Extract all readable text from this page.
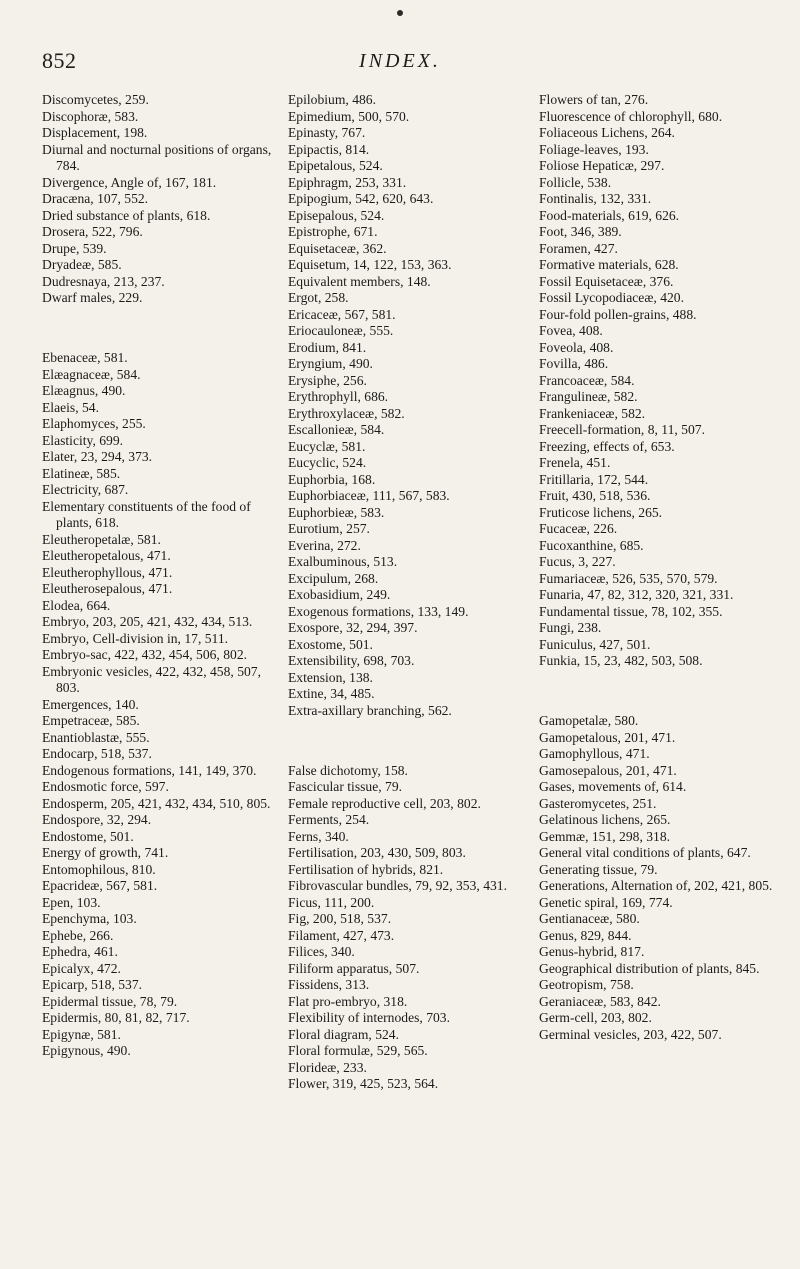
852	INDEX.

Discomycetes, 259.

Discophoræ, 583.

Displacement, 198.

Diurnal and nocturnal positions of organs, 784.

Divergence, Angle of, 167, 181.

Dracæna, 107, 552.

Dried substance of plants, 618.

Drosera, 522, 796.

Drupe, 539.

Dryadeæ, 585.

Dudresnaya, 213, 237.

Dwarf males, 229.

Ebenaceæ, 581.

Elæagnaceæ, 584.

Elæagnus, 490.

Elaeis, 54.

Elaphomyces, 255.

Elasticity, 699.

Elater, 23, 294, 373.

Elatineæ, 585.

Electricity, 687.

Elementary constituents of the food of plants, 618.

Eleutheropetalæ, 581.

Eleutheropetalous, 471.

Eleutherophyllous, 471.

Eleutherosepalous, 471.

Elodea, 664.

Embryo, 203, 205, 421, 432, 434, 513.

Embryo, Cell-division in, 17, 511.

Embryo-sac, 422, 432, 454, 506, 802.

Embryonic vesicles, 422, 432, 458, 507, 803.

Emergences, 140.

Empetraceæ, 585.

Enantioblastæ, 555.

Endocarp, 518, 537.

Endogenous formations, 141, 149, 370.

Endosmotic force, 597.

Endosperm, 205, 421, 432, 434, 510, 805.

Endospore, 32, 294.

Endostome, 501.

Energy of growth, 741.

Entomophilous, 810.

Epacrideæ, 567, 581.

Epen, 103.

Epenchyma, 103.

Ephebe, 266.

Ephedra, 461.

Epicalyx, 472.

Epicarp, 518, 537.

Epidermal tissue, 78, 79.

Epidermis, 80, 81, 82, 717.

Epigynæ, 581.

Epigynous, 490.

Epilobium, 486.

Epimedium, 500, 570.

Epinasty, 767.

Epipactis, 814.

Epipetalous, 524.

Epiphragm, 253, 331.

Epipogium, 542, 620, 643.

Episepalous, 524.

Epistrophe, 671.

Equisetaceæ, 362.

Equisetum, 14, 122, 153, 363.

Equivalent members, 148.

Ergot, 258.

Ericaceæ, 567, 581.

Eriocauloneæ, 555.

Erodium, 841.

Eryngium, 490.

Erysiphe, 256.

Erythrophyll, 686.

Erythroxylaceæ, 582.

Escallonieæ, 584.

Eucyclæ, 581.

Eucyclic, 524.

Euphorbia, 168.

Euphorbiaceæ, 111, 567, 583.

Euphorbieæ, 583.

Eurotium, 257.

Everina, 272.

Exalbuminous, 513.

Excipulum, 268.

Exobasidium, 249.

Exogenous formations, 133, 149.

Exospore, 32, 294, 397.

Exostome, 501.

Extensibility, 698, 703.

Extension, 138.

Extine, 34, 485.

Extra-axillary branching, 562.

False dichotomy, 158.

Fascicular tissue, 79.

Female reproductive cell, 203, 802.

Ferments, 254.

Ferns, 340.

Fertilisation, 203, 430, 509, 803.

Fertilisation of hybrids, 821.

Fibrovascular bundles, 79, 92, 353, 431.

Ficus, 111, 200.

Fig, 200, 518, 537.

Filament, 427, 473.

Filices, 340.

Filiform apparatus, 507.

Fissidens, 313.

Flat pro-embryo, 318.

Flexibility of internodes, 703.

Floral diagram, 524.

Floral formulæ, 529, 565.

Florideæ, 233.

Flower, 319, 425, 523, 564.

Flowers of tan, 276.

Fluorescence of chlorophyll, 680.

Foliaceous Lichens, 264.

Foliage-leaves, 193.

Foliose Hepaticæ, 297.

Follicle, 538.

Fontinalis, 132, 331.

Food-materials, 619, 626.

Foot, 346, 389.

Foramen, 427.

Formative materials, 628.

Fossil Equisetaceæ, 376.

Fossil Lycopodiaceæ, 420.

Four-fold pollen-grains, 488.

Fovea, 408.

Foveola, 408.

Fovilla, 486.

Francoaceæ, 584.

Frangulineæ, 582.

Frankeniaceæ, 582.

Freecell-formation, 8, 11, 507.

Freezing, effects of, 653.

Frenela, 451.

Fritillaria, 172, 544.

Fruit, 430, 518, 536.

Fruticose lichens, 265.

Fucaceæ, 226.

Fucoxanthine, 685.

Fucus, 3, 227.

Fumariaceæ, 526, 535, 570, 579.

Funaria, 47, 82, 312, 320, 321, 331.

Fundamental tissue, 78, 102, 355.

Fungi, 238.

Funiculus, 427, 501.

Funkia, 15, 23, 482, 503, 508.

Gamopetalæ, 580.

Gamopetalous, 201, 471.

Gamophyllous, 471.

Gamosepalous, 201, 471.

Gases, movements of, 614.

Gasteromycetes, 251.

Gelatinous lichens, 265.

Gemmæ, 151, 298, 318.

General vital conditions of plants, 647.

Generating tissue, 79.

Generations, Alternation of, 202, 421, 805.

Genetic spiral, 169, 774.

Gentianaceæ, 580.

Genus, 829, 844.

Genus-hybrid, 817.

Geographical distribution of plants, 845.

Geotropism, 758.

Geraniaceæ, 583, 842.

Germ-cell, 203, 802.

Germinal vesicles, 203, 422, 507.
